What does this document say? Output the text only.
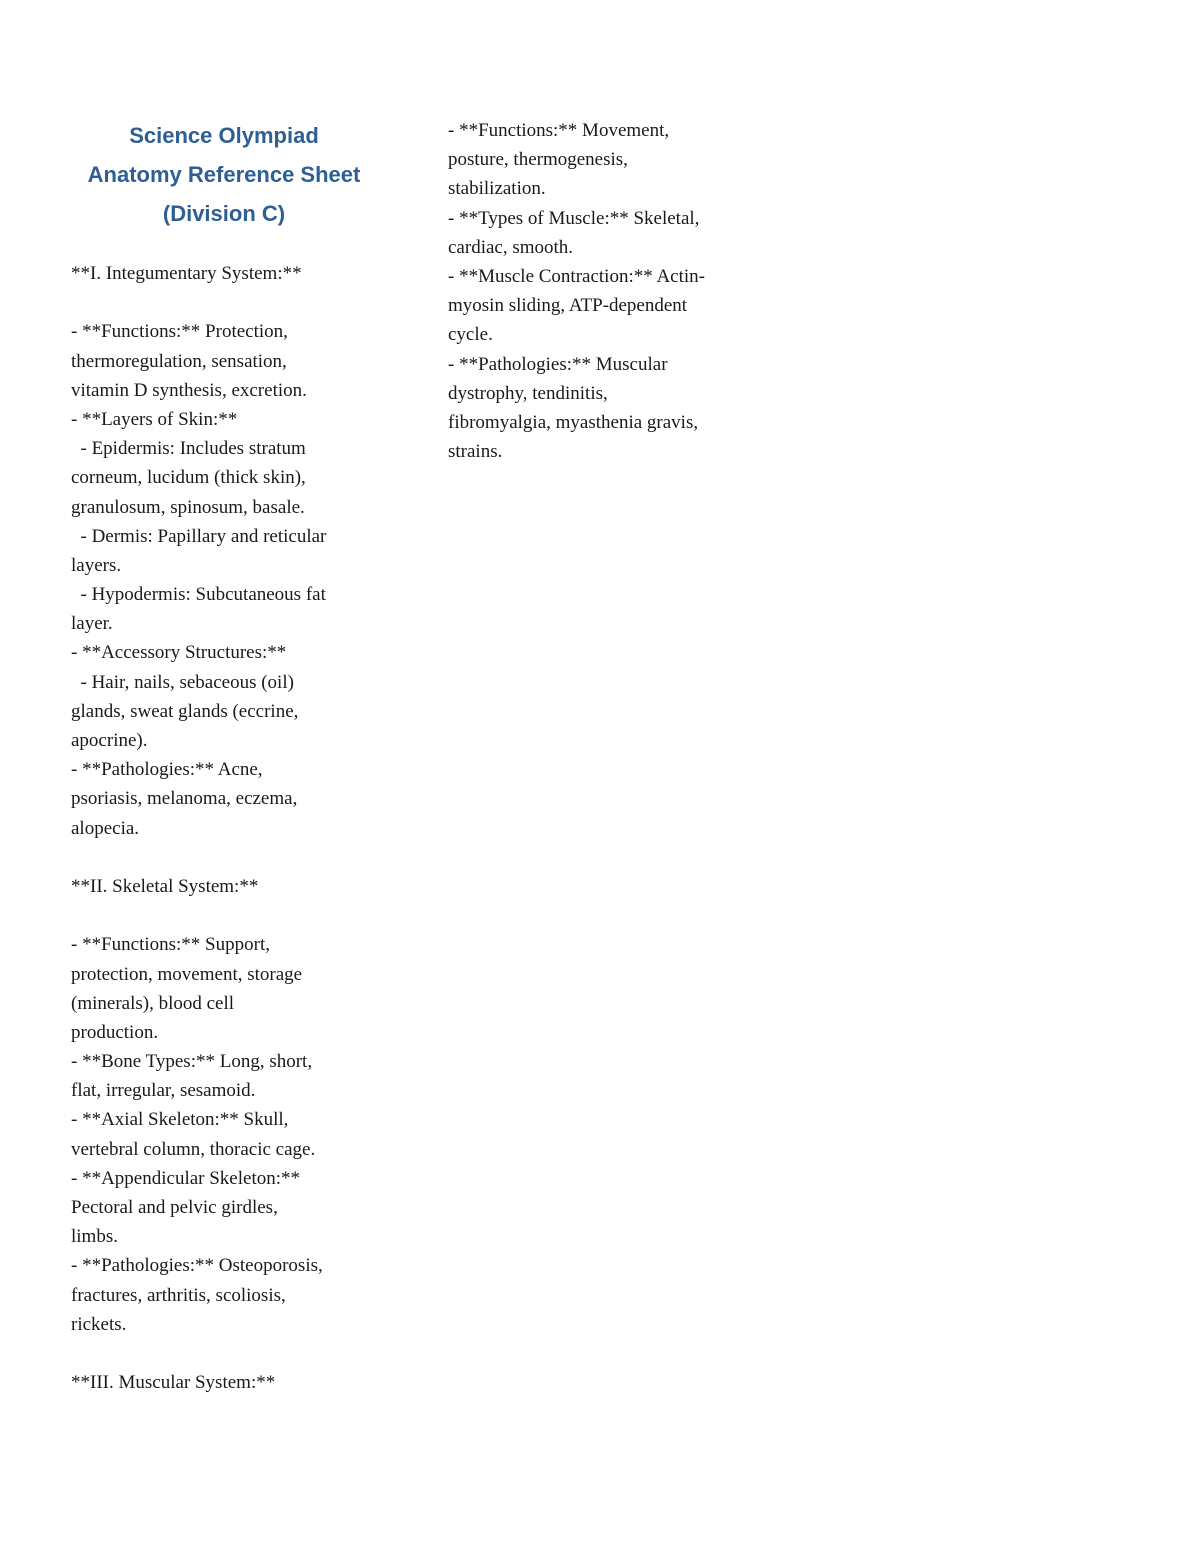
Science Olympiad
Anatomy Reference Sheet
(Division C)
**I. Integumentary System:**
- **Functions:** Protection,
thermoregulation, sensation,
vitamin D synthesis, excretion.
- **Layers of Skin:**
- Epidermis: Includes stratum
corneum, lucidum (thick skin),
granulosum, spinosum, basale.
- Dermis: Papillary and reticular
layers.
- Hypodermis: Subcutaneous fat
layer.
- **Accessory Structures:**
- Hair, nails, sebaceous (oil)
glands, sweat glands (eccrine,
apocrine).
- **Pathologies:** Acne,
psoriasis, melanoma, eczema,
alopecia.
**II. Skeletal System:**
- **Functions:** Support,
protection, movement, storage
(minerals), blood cell
production.
- **Bone Types:** Long, short,
flat, irregular, sesamoid.
- **Axial Skeleton:** Skull,
vertebral column, thoracic cage.
- **Appendicular Skeleton:**
Pectoral and pelvic girdles,
limbs.
- **Pathologies:** Osteoporosis,
fractures, arthritis, scoliosis,
rickets.
**III. Muscular System:**
- **Functions:** Movement,
posture, thermogenesis,
stabilization.
- **Types of Muscle:** Skeletal,
cardiac, smooth.
- **Muscle Contraction:** Actin-
myosin sliding, ATP-dependent
cycle.
- **Pathologies:** Muscular
dystrophy, tendinitis,
fibromyalgia, myasthenia gravis,
strains.
